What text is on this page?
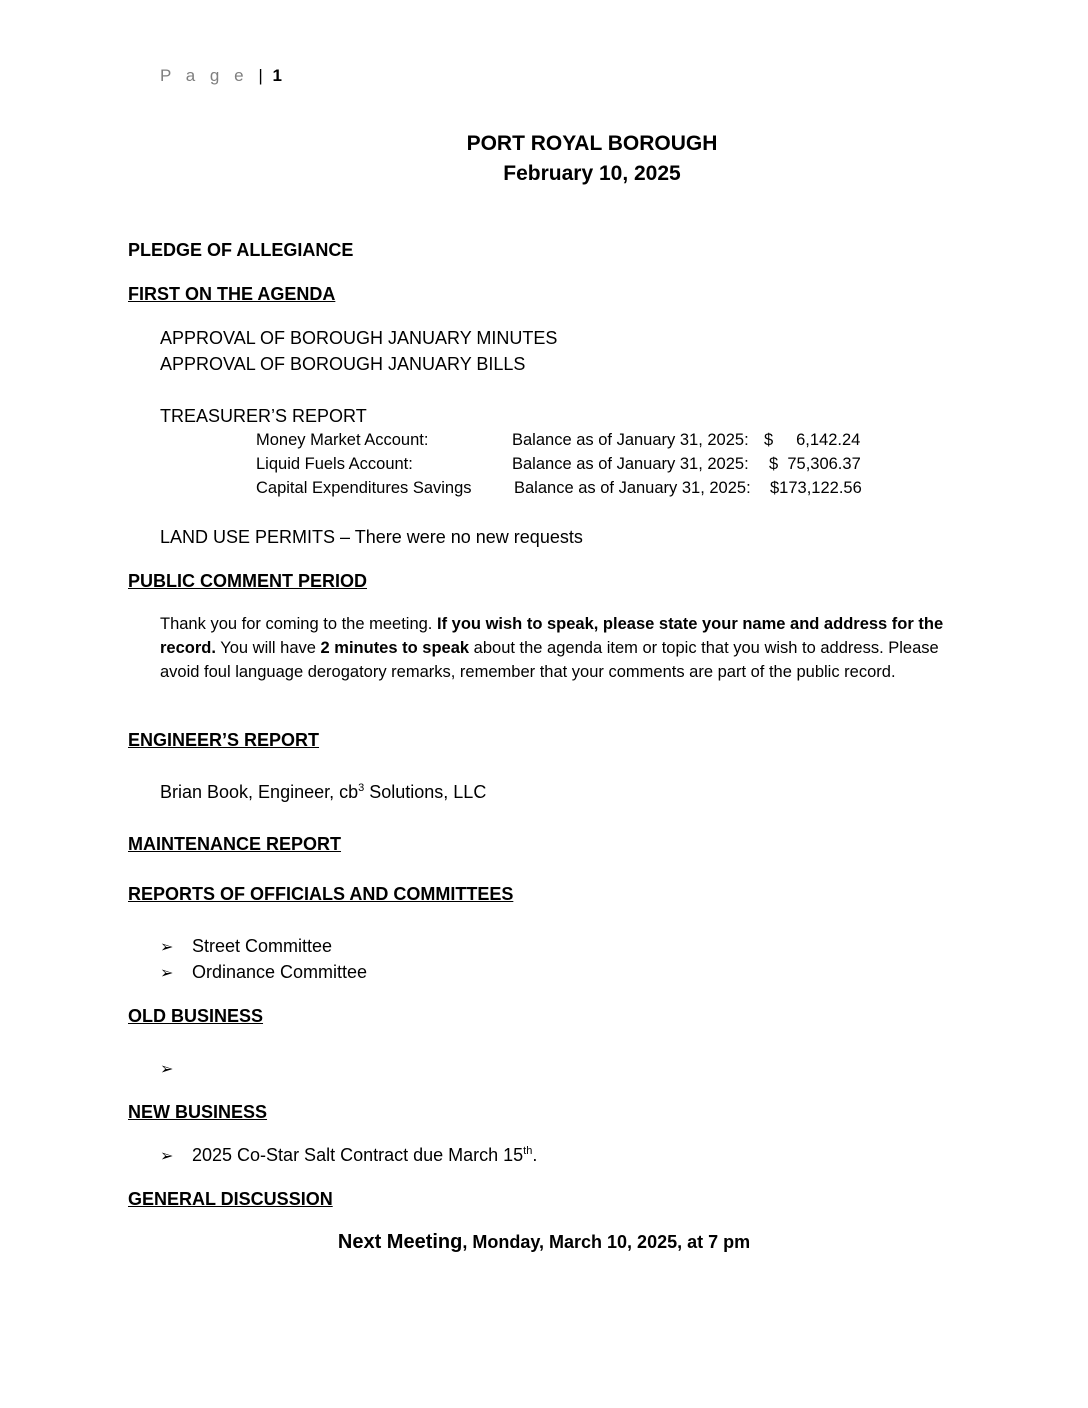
P a g e | 1
PORT ROYAL BOROUGH
February 10, 2025
PLEDGE OF ALLEGIANCE
FIRST ON THE AGENDA
APPROVAL OF BOROUGH JANUARY MINUTES
APPROVAL OF BOROUGH JANUARY BILLS
TREASURER’S REPORT
Money Market Account:	Balance as of January 31, 2025: $     6,142.24
Liquid Fuels Account:	Balance as of January 31, 2025: $  75,306.37
Capital Expenditures Savings	Balance as of January 31, 2025: $173,122.56
LAND USE PERMITS – There were no new requests
PUBLIC COMMENT PERIOD
Thank you for coming to the meeting. If you wish to speak, please state your name and address for the record. You will have 2 minutes to speak about the agenda item or topic that you wish to address. Please avoid foul language derogatory remarks, remember that your comments are part of the public record.
ENGINEER’S REPORT
Brian Book, Engineer, $cb^3$ Solutions, LLC
MAINTENANCE REPORT
REPORTS OF OFFICIALS AND COMMITTEES
➢ Street Committee
➢ Ordinance Committee
OLD BUSINESS
➢
NEW BUSINESS
➢ 2025 Co-Star Salt Contract due March 15th.
GENERAL DISCUSSION
Next Meeting, Monday, March 10, 2025, at 7 pm
